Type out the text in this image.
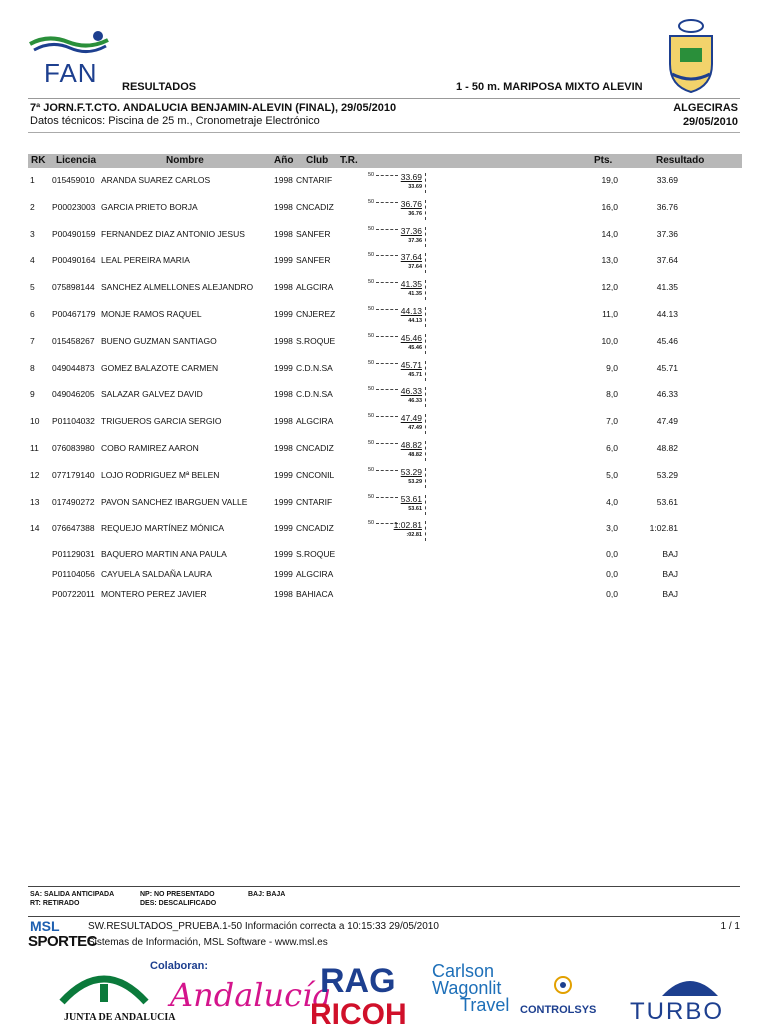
FAN RESULTADOS	1 - 50 m. MARIPOSA MIXTO ALEVIN
7ª JORN.F.T.CTO. ANDALUCIA BENJAMIN-ALEVIN (FINAL), 29/05/2010
Datos técnicos: Piscina de 25 m., Cronometraje Electrónico
ALGECIRAS
29/05/2010
RK Licencia	Nombre	Año Club T.R.	Pts.	Resultado
1 015459010 ARANDA SUAREZ CARLOS	1998 CNTARIF	19,0	33.69
50	33.69
33.69
2 P00023003 GARCIA PRIETO BORJA	1998 CNCADIZ	16,0	36.76
50	36.76
36.76
3 P00490159 FERNANDEZ DIAZ ANTONIO JESUS	1998 SANFER	14,0	37.36
50	37.36
37.36
4 P00490164 LEAL PEREIRA MARIA	1999 SANFER	13,0	37.64
50	37.64
37.64
5 075898144 SANCHEZ ALMELLONES ALEJANDRO 1998 ALGCIRA	12,0	41.35
50	41.35
41.35
6 P00467179 MONJE RAMOS RAQUEL	1999 CNJEREZ	11,0	44.13
50	44.13
44.13
7 015458267 BUENO GUZMAN SANTIAGO	1998 S.ROQUE	10,0	45.46
50	45.46
45.46
8 049044873 GOMEZ BALAZOTE CARMEN	1999 C.D.N.SA	9,0	45.71
50	45.71
45.71
9 049046205 SALAZAR GALVEZ DAVID	1998 C.D.N.SA	8,0	46.33
50	46.33
46.33
10 P01104032 TRIGUEROS GARCIA SERGIO	1998 ALGCIRA	7,0	47.49
50	47.49
47.49
11 076083980 COBO RAMIREZ AARON	1998 CNCADIZ	6,0	48.82
50	48.82
48.82
12 077179140 LOJO RODRIGUEZ Mª BELEN	1999 CNCONIL	5,0	53.29
50	53.29
53.29
13 017490272 PAVON SANCHEZ IBARGUEN VALLE	1999 CNTARIF	4,0	53.61
50	53.61
53.61
14 076647388 REQUEJO MARTÍNEZ MÓNICA	1999 CNCADIZ	3,0	1:02.81
50 1:02.81
:02.81
P01129031 BAQUERO MARTIN ANA PAULA	1999 S.ROQUE	0,0	BAJ
P01104056 CAYUELA SALDAÑA LAURA	1999 ALGCIRA	0,0	BAJ
P00722011 MONTERO PEREZ JAVIER	1998 BAHIACA	0,0	BAJ
SA: SALIDA ANTICIPADA
RT: RETIRADO
NP: NO PRESENTADO
DES: DESCALIFICADO
BAJ: BAJA
MSL
SPORTEC
SW.RESULTADOS_PRUEBA.1-50 Información correcta a 10:15:33 29/05/2010	1 / 1
Sistemas de Información, MSL Software - www.msl.es
JUNTA DE ANDALUCIA
Colaboran:
Andalucía
RAG
RICOH
Carlson
Wagonlit
Travel CONTROLSYS TURBO
